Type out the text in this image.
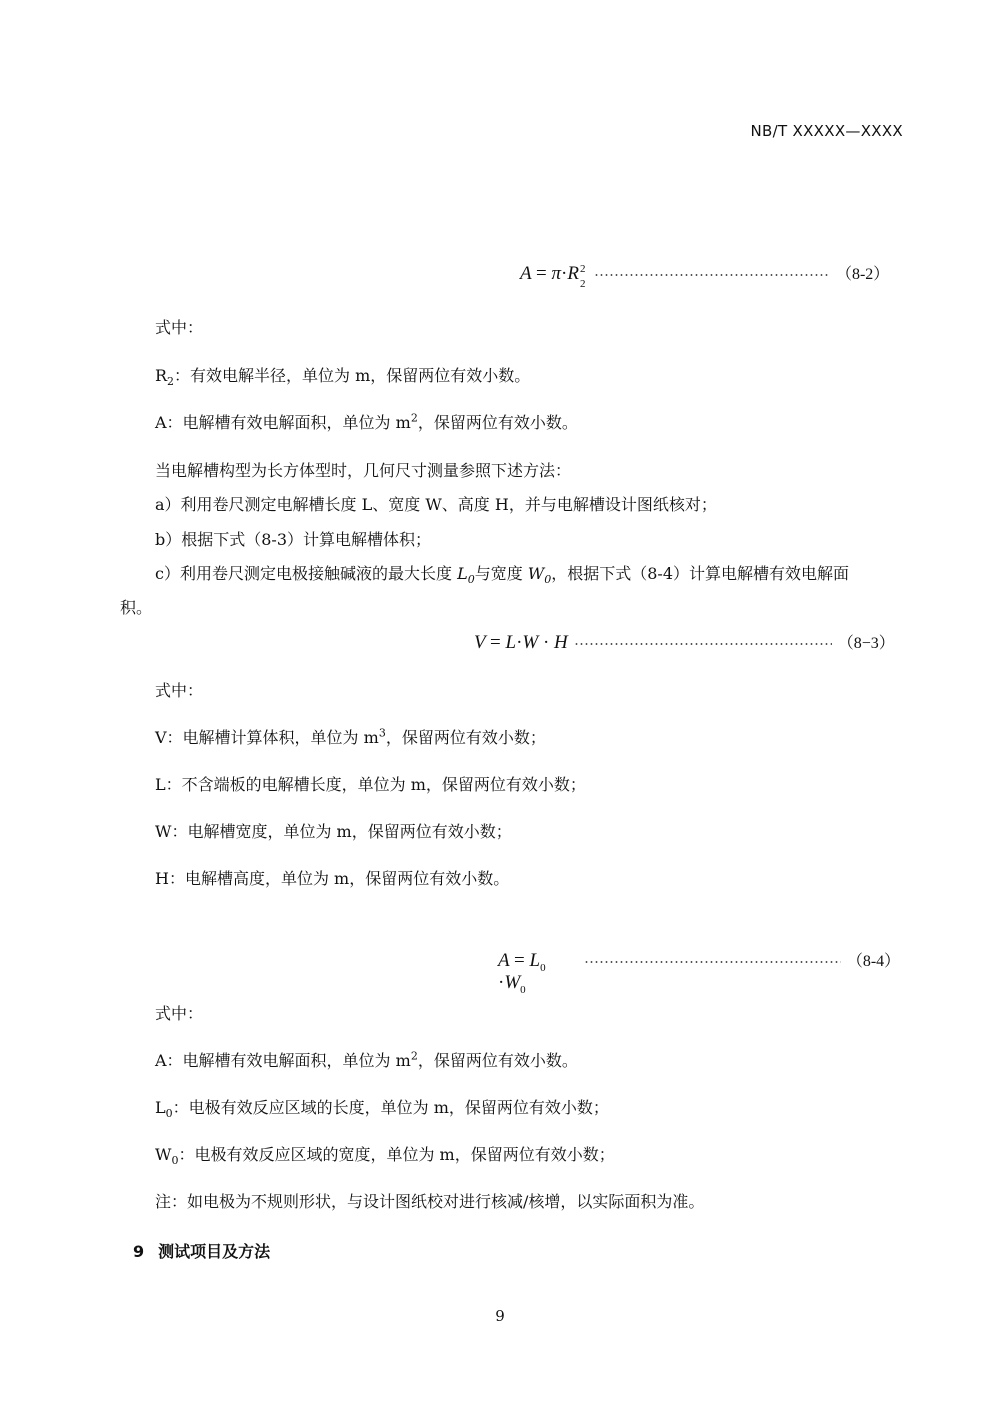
NB/T XXXXX—XXXX
A = π·R 2
2
（8-2）
式中：
$R_2$：有效电解半径，单位为 m，保留两位有效小数。
A：电解槽有效电解面积，单位为 $m^2$，保留两位有效小数。
当电解槽构型为长方体型时，几何尺寸测量参照下述方法：
a）利用卷尺测定电解槽长度 L、宽度 W、高度 H，并与电解槽设计图纸核对；
b）根据下式（8-3）计算电解槽体积；
c）利用卷尺测定电极接触碱液的最大长度 $L_0$与宽度 $W_0$，根据下式（8-4）计算电解槽有效电解面
积。
V = L·W · H	（8−3）
式中：
V：电解槽计算体积，单位为 $m^3$，保留两位有效小数；
L：不含端板的电解槽长度，单位为 m，保留两位有效小数；
W：电解槽宽度，单位为 m，保留两位有效小数；
H：电解槽高度，单位为 m，保留两位有效小数。
$A = L_0 \cdot W_0$
（8-4）
式中：
A：电解槽有效电解面积，单位为 $m^2$，保留两位有效小数。
$L_0$：电极有效反应区域的长度，单位为 m，保留两位有效小数；
$W_0$：电极有效反应区域的宽度，单位为 m，保留两位有效小数；
注：如电极为不规则形状，与设计图纸校对进行核减/核增，以实际面积为准。
9 测试项目及方法
9
